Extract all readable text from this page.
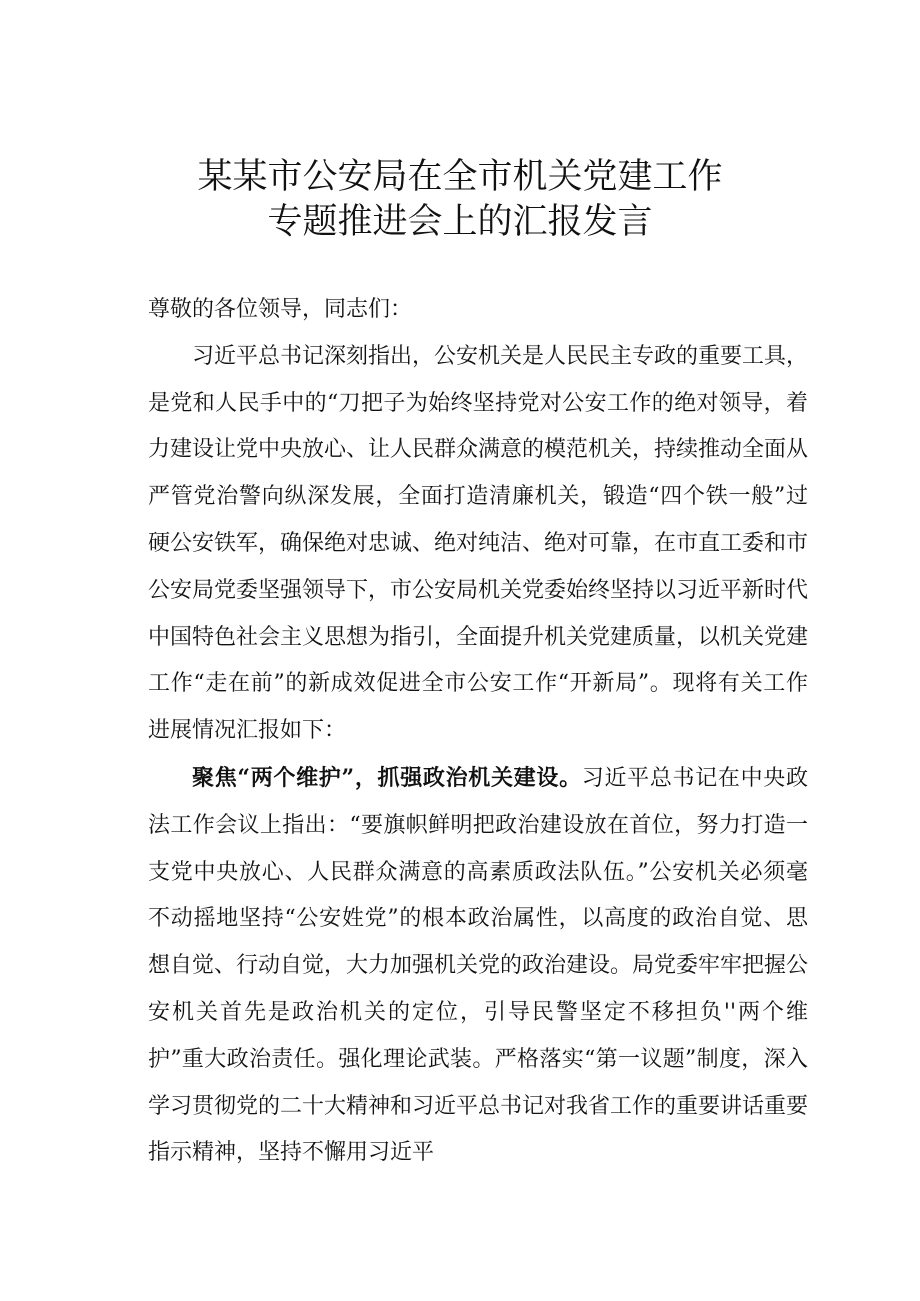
某某市公安局在全市机关党建工作
专题推进会上的汇报发言

尊敬的各位领导，同志们：

习近平总书记深刻指出，公安机关是人民民主专政的重要工具，是党和人民手中的“刀把子为始终坚持党对公安工作的绝对领导，着力建设让党中央放心、让人民群众满意的模范机关，持续推动全面从严管党治警向纵深发展，全面打造清廉机关，锻造“四个铁一般”过硬公安铁军，确保绝对忠诚、绝对纯洁、绝对可靠，在市直工委和市公安局党委坚强领导下，市公安局机关党委始终坚持以习近平新时代中国特色社会主义思想为指引，全面提升机关党建质量，以机关党建工作“走在前”的新成效促进全市公安工作“开新局”。现将有关工作进展情况汇报如下：

聚焦“两个维护”，抓强政治机关建设。习近平总书记在中央政法工作会议上指出：“要旗帜鲜明把政治建设放在首位，努力打造一支党中央放心、人民群众满意的高素质政法队伍。”公安机关必须毫不动摇地坚持“公安姓党”的根本政治属性，以高度的政治自觉、思想自觉、行动自觉，大力加强机关党的政治建设。局党委牢牢把握公安机关首先是政治机关的定位，引导民警坚定不移担负''两个维护”重大政治责任。强化理论武装。严格落实“第一议题”制度，深入学习贯彻党的二十大精神和习近平总书记对我省工作的重要讲话重要指示精神，坚持不懈用习近平
